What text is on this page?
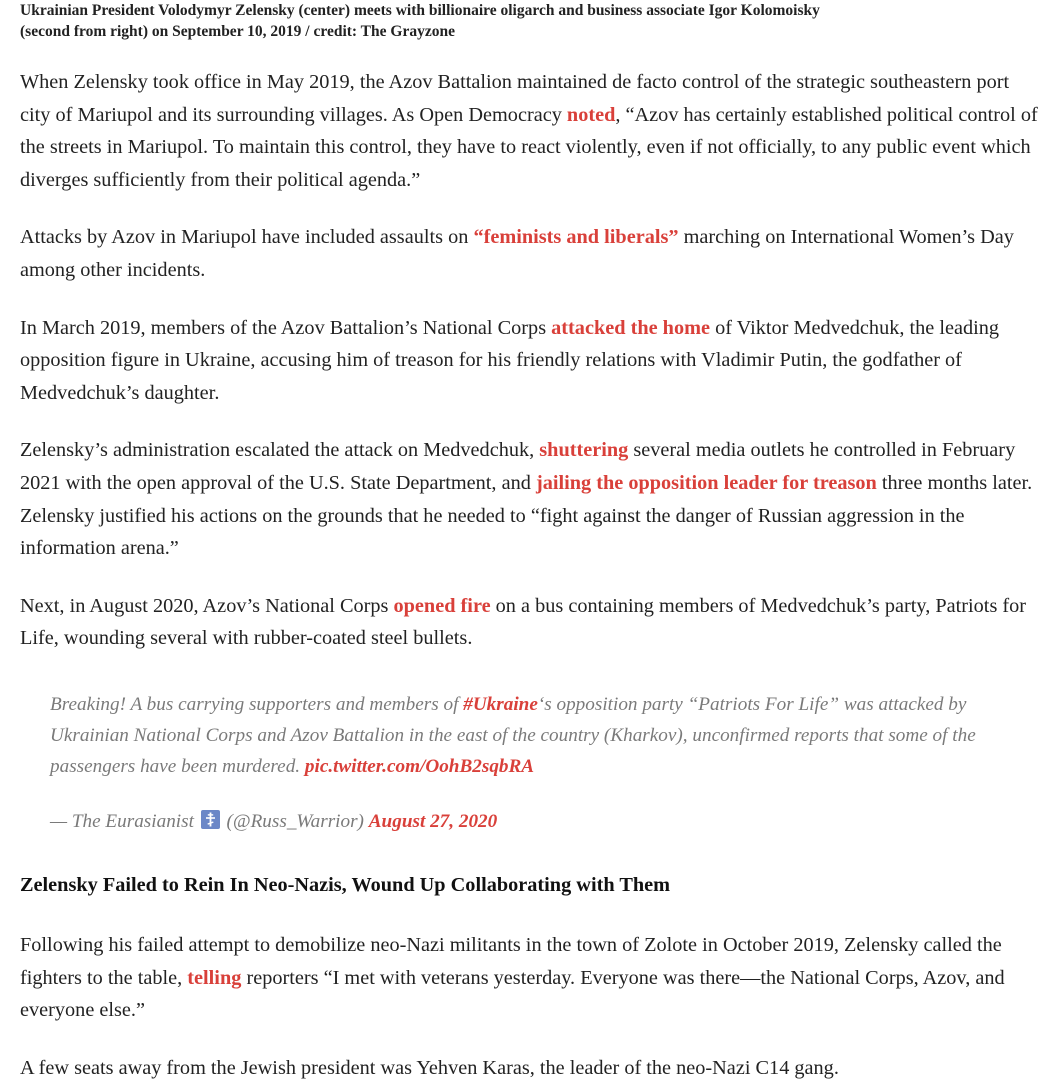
Ukrainian President Volodymyr Zelensky (center) meets with billionaire oligarch and business associate Igor Kolomoisky
(second from right) on September 10, 2019 / credit: The Grayzone

When Zelensky took office in May 2019, the Azov Battalion maintained de facto control of the strategic southeastern port city of Mariupol and its surrounding villages. As Open Democracy noted, “Azov has certainly established political control of the streets in Mariupol. To maintain this control, they have to react violently, even if not officially, to any public event which diverges sufficiently from their political agenda.”

Attacks by Azov in Mariupol have included assaults on “feminists and liberals” marching on International Women’s Day among other incidents.

In March 2019, members of the Azov Battalion’s National Corps attacked the home of Viktor Medvedchuk, the leading opposition figure in Ukraine, accusing him of treason for his friendly relations with Vladimir Putin, the godfather of Medvedchuk’s daughter.

Zelensky’s administration escalated the attack on Medvedchuk, shuttering several media outlets he controlled in February 2021 with the open approval of the U.S. State Department, and jailing the opposition leader for treason three months later. Zelensky justified his actions on the grounds that he needed to “fight against the danger of Russian aggression in the information arena.”

Next, in August 2020, Azov’s National Corps opened fire on a bus containing members of Medvedchuk’s party, Patriots for Life, wounding several with rubber-coated steel bullets.

Breaking! A bus carrying supporters and members of #Ukraine‘s opposition party “Patriots For Life” was attacked by Ukrainian National Corps and Azov Battalion in the east of the country (Kharkov), unconfirmed reports that some of the passengers have been murdered. pic.twitter.com/OohB2sqbRA

— The Eurasianist (@Russ_Warrior) August 27, 2020

Zelensky Failed to Rein In Neo-Nazis, Wound Up Collaborating with Them

Following his failed attempt to demobilize neo-Nazi militants in the town of Zolote in October 2019, Zelensky called the fighters to the table, telling reporters “I met with veterans yesterday. Everyone was there—the National Corps, Azov, and everyone else.”

A few seats away from the Jewish president was Yehven Karas, the leader of the neo-Nazi C14 gang.
